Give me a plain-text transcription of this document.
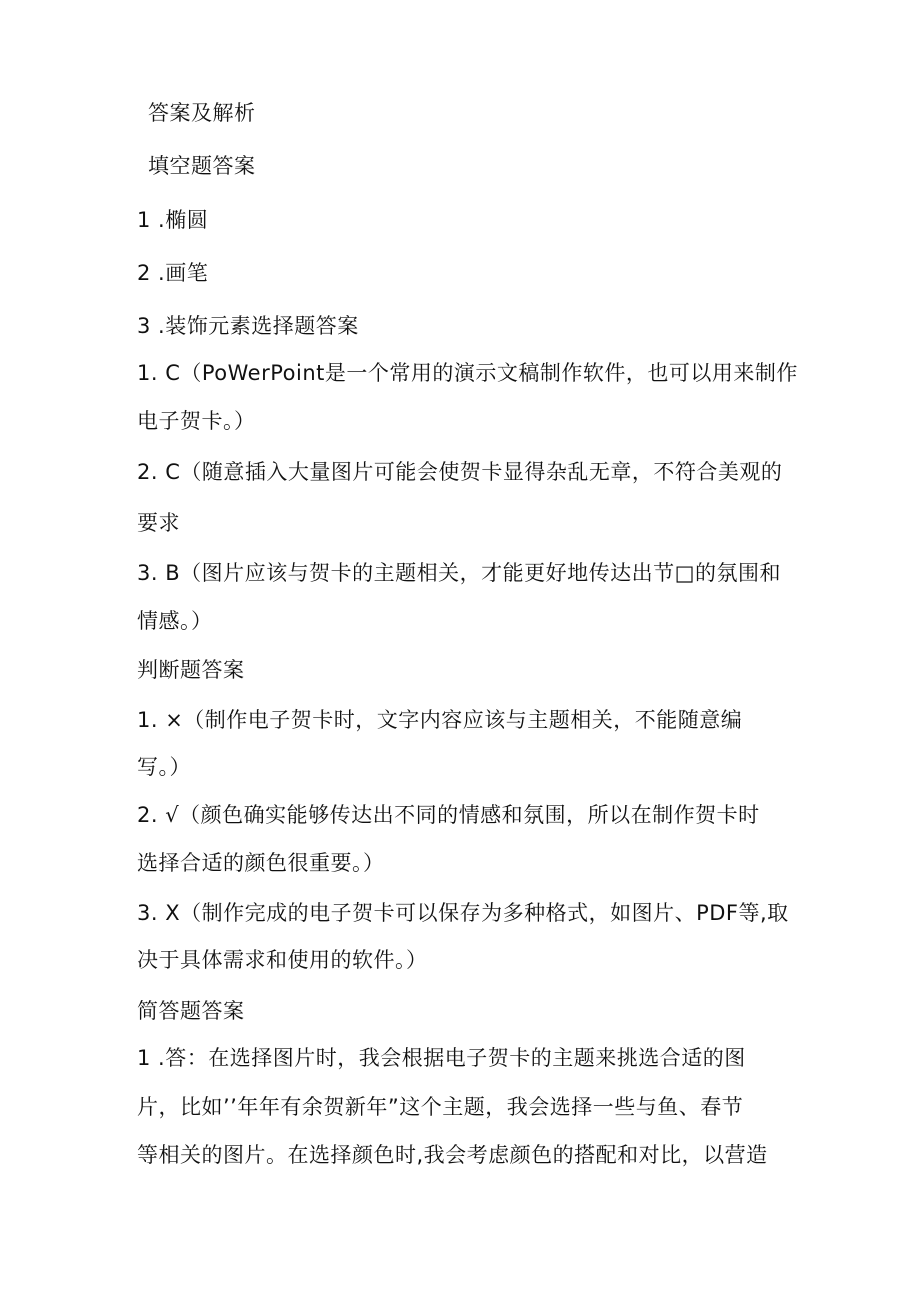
答案及解析
填空题答案
1 .椭圆
2 .画笔
3 .装饰元素选择题答案
1. C（PoWerPoint是一个常用的演示文稿制作软件，也可以用来制作
电子贺卡。）
2. C（随意插入大量图片可能会使贺卡显得杂乱无章，不符合美观的
要求
3. B（图片应该与贺卡的主题相关，才能更好地传达出节□的氛围和
情感。）
判断题答案
1. ×（制作电子贺卡时，文字内容应该与主题相关，不能随意编
写。）
2. √（颜色确实能够传达出不同的情感和氛围，所以在制作贺卡时
选择合适的颜色很重要。）
3. X（制作完成的电子贺卡可以保存为多种格式，如图片、PDF等,取
决于具体需求和使用的软件。）
简答题答案
1 .答：在选择图片时，我会根据电子贺卡的主题来挑选合适的图
片，比如’’年年有余贺新年”这个主题，我会选择一些与鱼、春节
等相关的图片。在选择颜色时,我会考虑颜色的搭配和对比，以营造
